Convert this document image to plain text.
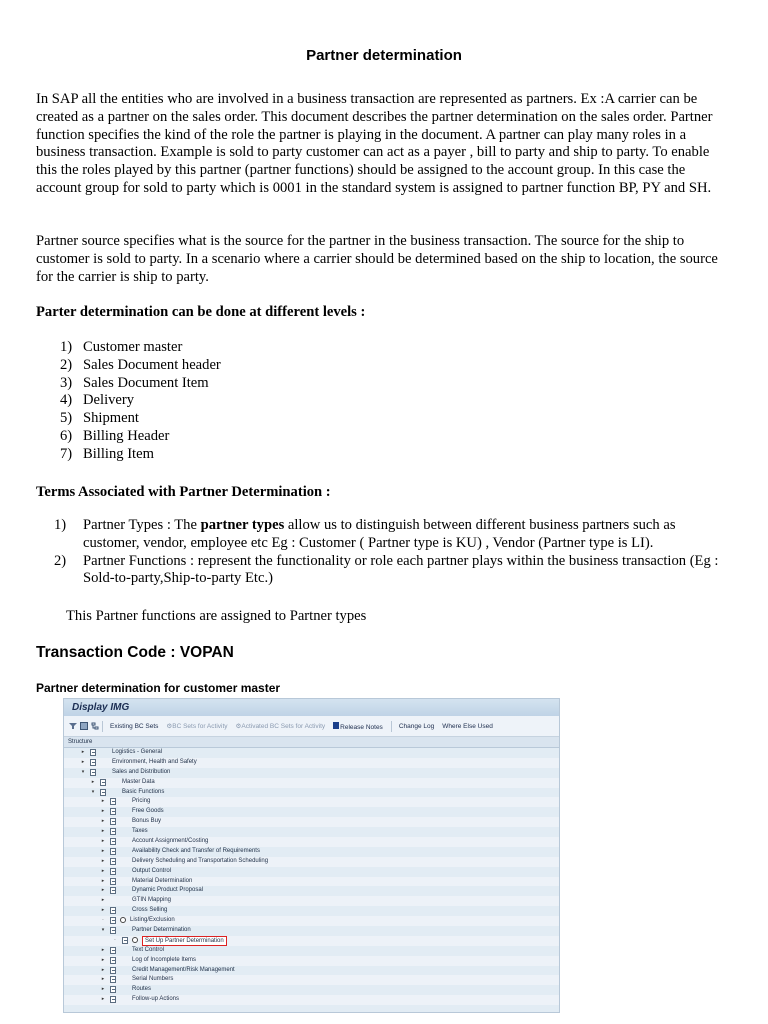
Partner determination

In SAP all the entities who are involved in a business transaction are represented as partners. Ex :A carrier can be created as a partner on the sales order. This document describes the partner determination on the sales order. Partner function specifies the kind of the role the partner is playing in the document. A partner can play many roles in a business transaction. Example is sold to party customer can act as a payer , bill to party and ship to party. To enable this the roles played by this partner (partner functions) should be assigned to the account group. In this case the account group for sold to party which is 0001 in the standard system is assigned to partner function BP, PY and SH.

Partner source specifies what is the source for the partner in the business transaction. The source for the ship to customer is sold to party. In a scenario where a carrier should be determined based on the ship to location, the source for the carrier is ship to party.

Parter determination can be done at different levels :

1) Customer master
2) Sales Document header
3) Sales Document Item
4) Delivery
5) Shipment
6) Billing Header
7) Billing Item

Terms Associated with Partner Determination :

1) Partner Types : The partner types allow us to distinguish between different business partners such as customer, vendor, employee etc Eg : Customer ( Partner type is KU) , Vendor (Partner type is LI).
2) Partner Functions : represent the functionality or role each partner plays within the business transaction (Eg : Sold-to-party,Ship-to-party Etc.)

This Partner functions are assigned to Partner types

Transaction Code : VOPAN

Partner determination for customer master

Display IMG
Existing BC Sets ⚙BC Sets for Activity ⚙Activated BC Sets for Activity	Release Notes Change Log Where Else Used
Structure
▸	Logistics - General
▸	Environment, Health and Safety
▾	Sales and Distribution
▸	Master Data
▾	Basic Functions
▸	Pricing
▸	Free Goods
▸	Bonus Buy
▸	Taxes
▸	Account Assignment/Costing
▸	Availability Check and Transfer of Requirements
▸	Delivery Scheduling and Transportation Scheduling
▸	Output Control
▸	Material Determination
▸	Dynamic Product Proposal
▸	GTIN Mapping
▸	Cross Selling
·	Listing/Exclusion
▾	Partner Determination
·	Set Up Partner Determination
▸	Text Control
▸	Log of Incomplete Items
▸	Credit Management/Risk Management
▸	Serial Numbers
▸	Routes
▸	Follow-up Actions
